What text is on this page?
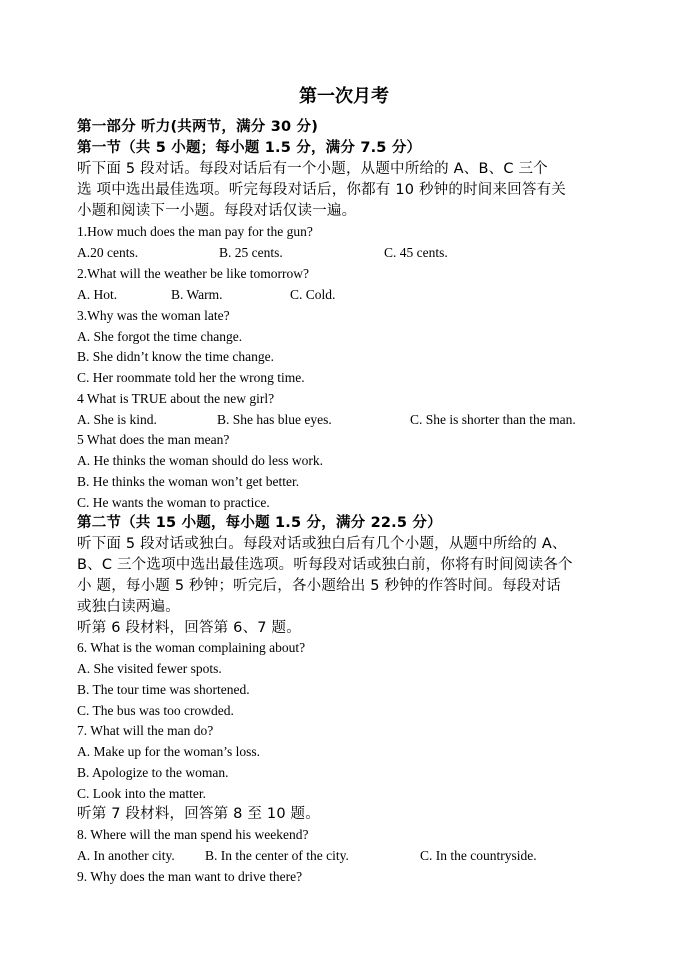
第一次月考
第一部分 听力(共两节，满分 30 分)
第一节（共 5 小题；每小题 1.5 分，满分 7.5 分）
听下面 5 段对话。每段对话后有一个小题，从题中所给的 A、B、C 三个
选 项中选出最佳选项。听完每段对话后，你都有 10 秒钟的时间来回答有关
小题和阅读下一小题。每段对话仅读一遍。
1.How much does the man pay for the gun?
A.20 cents.	B. 25 cents.	C. 45 cents.
2.What will the weather be like tomorrow?
A. Hot.	B. Warm.	C. Cold.
3.Why was the woman late?
A. She forgot the time change.
B. She didn’t know the time change.
C. Her roommate told her the wrong time.
4 What is TRUE about the new girl?
A. She is kind.	B. She has blue eyes.	C. She is shorter than the man.
5 What does the man mean?
A. He thinks the woman should do less work.
B. He thinks the woman won’t get better.
C. He wants the woman to practice.
第二节（共 15 小题，每小题 1.5 分，满分 22.5 分）
听下面 5 段对话或独白。每段对话或独白后有几个小题，从题中所给的 A、
B、C 三个选项中选出最佳选项。听每段对话或独白前，你将有时间阅读各个
小 题，每小题 5 秒钟；听完后，各小题给出 5 秒钟的作答时间。每段对话
或独白读两遍。
听第 6 段材料，回答第 6、7 题。
6. What is the woman complaining about?
A. She visited fewer spots.
B. The tour time was shortened.
C. The bus was too crowded.
7. What will the man do?
A. Make up for the woman’s loss.
B. Apologize to the woman.
C. Look into the matter.
听第 7 段材料，回答第 8 至 10 题。
8. Where will the man spend his weekend?
A. In another city. B. In the center of the city.	C. In the countryside.
9. Why does the man want to drive there?
